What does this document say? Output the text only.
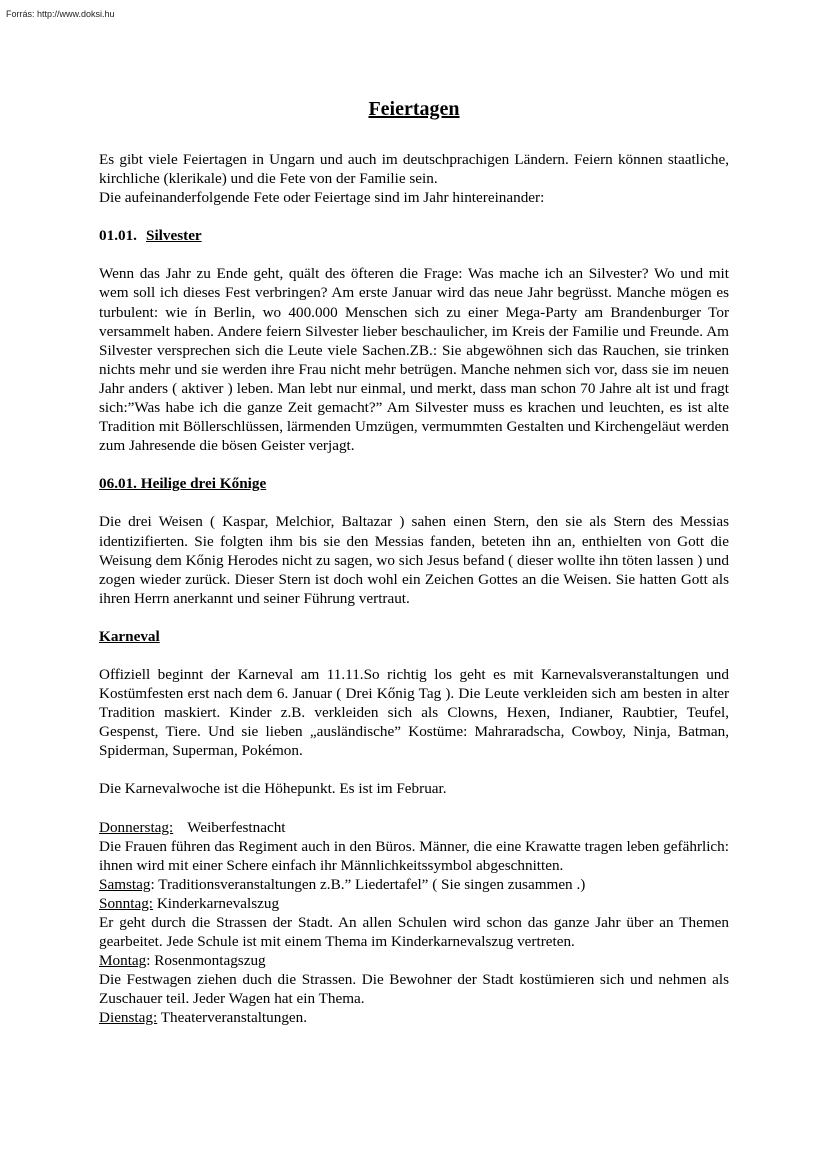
Forrás: http://www.doksi.hu
Feiertagen

Es gibt viele Feiertagen in Ungarn und auch im deutschprachigen Ländern. Feiern können staatliche, kirchliche (klerikale) und die Fete von der Familie sein.

Die aufeinanderfolgende Fete oder Feiertage sind im Jahr hintereinander:

01.01. Silvester

Wenn das Jahr zu Ende geht, quält des öfteren die Frage: Was mache ich an Silvester? Wo und mit wem soll ich dieses Fest verbringen? Am erste Januar wird das neue Jahr begrüsst. Manche mögen es turbulent: wie ín Berlin, wo 400.000 Menschen sich zu einer Mega-Party am Brandenburger Tor versammelt haben. Andere feiern Silvester lieber beschaulicher, im Kreis der Familie und Freunde. Am Silvester versprechen sich die Leute viele Sachen.ZB.: Sie abgewöhnen sich das Rauchen, sie trinken nichts mehr und sie werden ihre Frau nicht mehr betrügen. Manche nehmen sich vor, dass sie im neuen Jahr anders ( aktiver ) leben. Man lebt nur einmal, und merkt, dass man schon 70 Jahre alt ist und fragt sich:”Was habe ich die ganze Zeit gemacht?” Am Silvester muss es krachen und leuchten, es ist alte Tradition mit Böllerschlüssen, lärmenden Umzügen, vermummten Gestalten und Kirchengeläut werden zum Jahresende die bösen Geister verjagt.

06.01. Heilige drei Kőnige

Die drei Weisen ( Kaspar, Melchior, Baltazar ) sahen einen Stern, den sie als Stern des Messias identizifierten. Sie folgten ihm bis sie den Messias fanden, beteten ihn an, enthielten von Gott die Weisung dem Kőnig Herodes nicht zu sagen, wo sich Jesus befand ( dieser wollte ihn töten lassen ) und zogen wieder zurück. Dieser Stern ist doch wohl ein Zeichen Gottes an die Weisen. Sie hatten Gott als ihren Herrn anerkannt und seiner Führung vertraut.

Karneval

Offiziell beginnt der Karneval am 11.11.So richtig los geht es mit Karnevalsveranstaltungen und Kostümfesten erst nach dem 6. Januar ( Drei Kőnig Tag ). Die Leute verkleiden sich am besten in alter Tradition maskiert. Kinder z.B. verkleiden sich als Clowns, Hexen, Indianer, Raubtier, Teufel, Gespenst, Tiere. Und sie lieben „ausländische” Kostüme: Mahraradscha, Cowboy, Ninja, Batman, Spiderman, Superman, Pokémon.

Die Karnevalwoche ist die Höhepunkt. Es ist im Februar.

Donnerstag: Weiberfestnacht

Die Frauen führen das Regiment auch in den Büros. Männer, die eine Krawatte tragen leben gefährlich: ihnen wird mit einer Schere einfach ihr Männlichkeitssymbol abgeschnitten.

Samstag: Traditionsveranstaltungen z.B.” Liedertafel” ( Sie singen zusammen .)

Sonntag: Kinderkarnevalszug

Er geht durch die Strassen der Stadt. An allen Schulen wird schon das ganze Jahr über an Themen gearbeitet. Jede Schule ist mit einem Thema im Kinderkarnevalszug vertreten.

Montag: Rosenmontagszug

Die Festwagen ziehen duch die Strassen. Die Bewohner der Stadt kostümieren sich und nehmen als Zuschauer teil. Jeder Wagen hat ein Thema.

Dienstag: Theaterveranstaltungen.
